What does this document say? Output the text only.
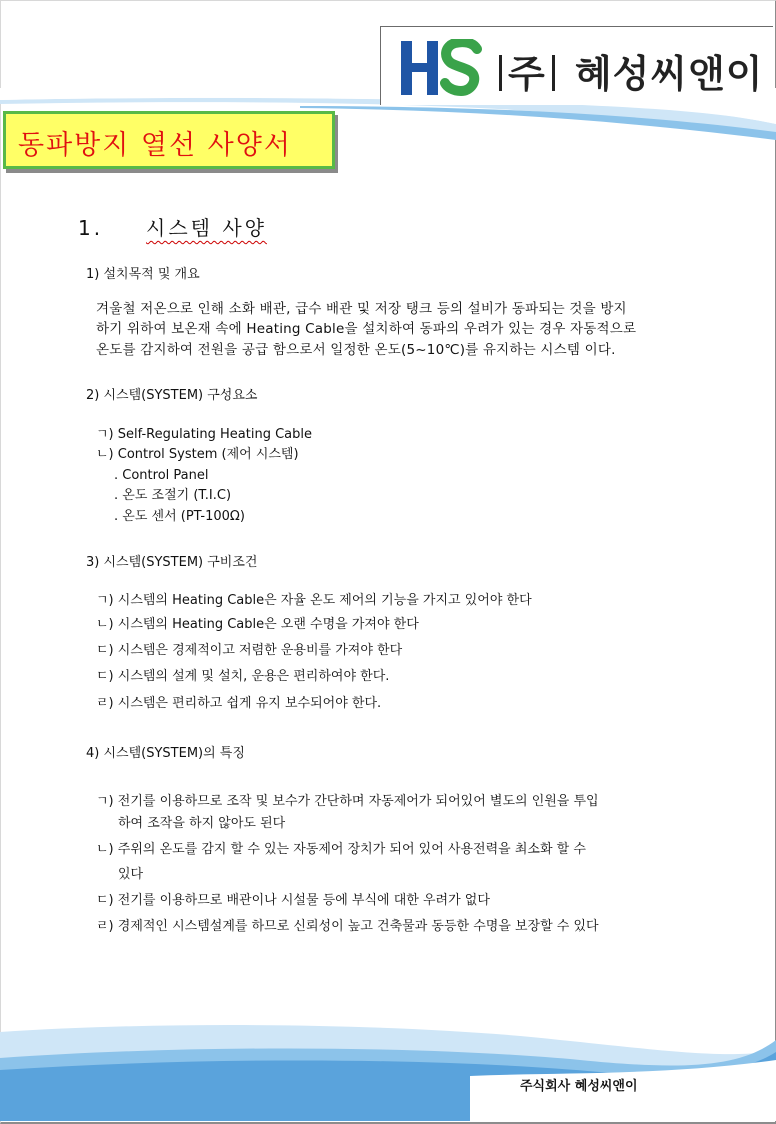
주 혜성씨앤이
동파방지 열선 사양서
1. 시스템 사양
1) 설치목적 및 개요
겨울철 저온으로 인해 소화 배관, 급수 배관 및 저장 탱크 등의 설비가 동파되는 것을 방지
하기 위하여 보온재 속에 Heating Cable을 설치하여 동파의 우려가 있는 경우 자동적으로
온도를 감지하여 전원을 공급 함으로서 일정한 온도(5~10℃)를 유지하는 시스템 이다.
2) 시스템(SYSTEM) 구성요소
ㄱ) Self-Regulating Heating Cable
ㄴ) Control System (제어 시스템)
. Control Panel
. 온도 조절기 (T.I.C)
. 온도 센서 (PT-100Ω)
3) 시스템(SYSTEM) 구비조건
ㄱ) 시스템의 Heating Cable은 자율 온도 제어의 기능을 가지고 있어야 한다
ㄴ) 시스템의 Heating Cable은 오랜 수명을 가져야 한다
ㄷ) 시스템은 경제적이고 저렴한 운용비를 가져야 한다
ㄷ) 시스템의 설계 및 설치, 운용은 편리하여야 한다.
ㄹ) 시스템은 편리하고 쉽게 유지 보수되어야 한다.
4) 시스템(SYSTEM)의 특징
ㄱ) 전기를 이용하므로 조작 및 보수가 간단하며 자동제어가 되어있어 별도의 인원을 투입
하여 조작을 하지 않아도 된다
ㄴ) 주위의 온도를 감지 할 수 있는 자동제어 장치가 되어 있어 사용전력을 최소화 할 수
있다
ㄷ) 전기를 이용하므로 배관이나 시설물 등에 부식에 대한 우려가 없다
ㄹ) 경제적인 시스템설계를 하므로 신뢰성이 높고 건축물과 동등한 수명을 보장할 수 있다
주식회사 혜성씨앤이
